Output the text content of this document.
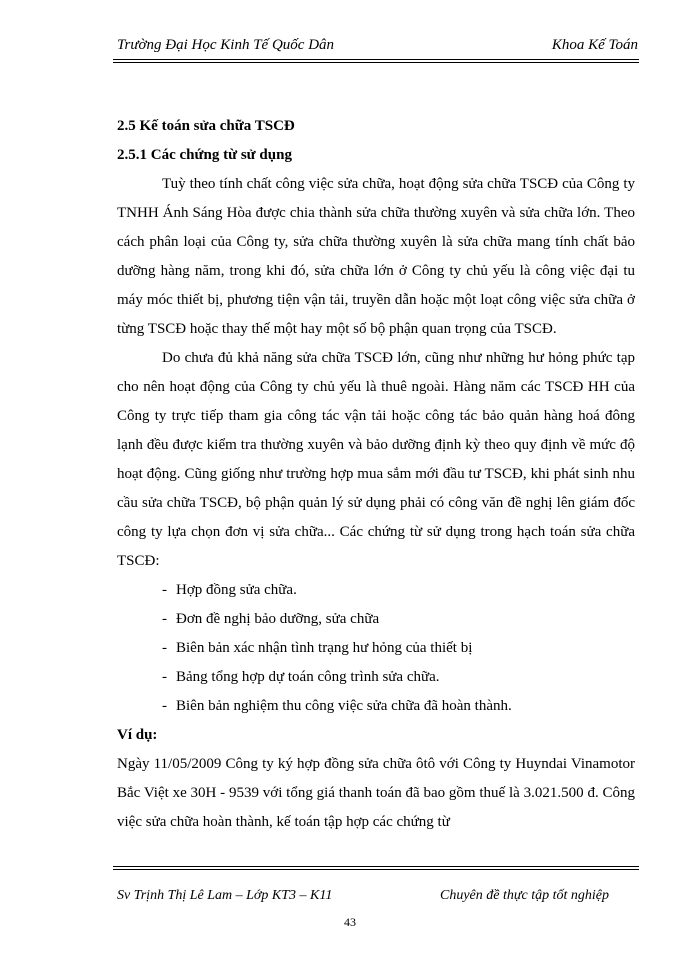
Trường Đại Học Kinh Tế Quốc Dân	Khoa Kế Toán
2.5 Kế toán sửa chữa TSCĐ
2.5.1 Các chứng từ sử dụng
Tuỳ theo tính chất công việc sửa chữa, hoạt động sửa chữa TSCĐ của Công ty TNHH Ánh Sáng Hòa được chia thành sửa chữa thường xuyên và sửa chữa lớn. Theo cách phân loại của Công ty, sửa chữa thường xuyên là sửa chữa mang tính chất bảo dưỡng hàng năm, trong khi đó, sửa chữa lớn ở Công ty chủ yếu là công việc đại tu máy móc thiết bị, phương tiện vận tải, truyền dẫn hoặc một loạt công việc sửa chữa ở từng TSCĐ hoặc thay thế một hay một số bộ phận quan trọng của TSCĐ.
Do chưa đủ khả năng sửa chữa TSCĐ lớn, cũng như những hư hỏng phức tạp cho nên hoạt động của Công ty chủ yếu là thuê ngoài. Hàng năm các TSCĐ HH của Công ty trực tiếp tham gia công tác vận tải hoặc công tác bảo quản hàng hoá đông lạnh đều được kiểm tra thường xuyên và bảo dưỡng định kỳ theo quy định về mức độ hoạt động. Cũng giống như trường hợp mua sắm mới đầu tư TSCĐ, khi phát sinh nhu cầu sửa chữa TSCĐ, bộ phận quản lý sử dụng phải có công văn đề nghị lên giám đốc công ty lựa chọn đơn vị sửa chữa... Các chứng từ sử dụng trong hạch toán sửa chữa TSCĐ:
- Hợp đồng sửa chữa.
- Đơn đề nghị bảo dưỡng, sửa chữa
- Biên bản xác nhận tình trạng hư hỏng của thiết bị
- Bảng tổng hợp dự toán công trình sửa chữa.
- Biên bản nghiệm thu công việc sửa chữa đã hoàn thành.
Ví dụ:
Ngày 11/05/2009 Công ty ký hợp đồng sửa chữa ôtô với Công ty Huyndai Vinamotor Bắc Việt xe 30H - 9539 với tổng giá thanh toán đã bao gồm thuế là 3.021.500 đ. Công việc sửa chữa hoàn thành, kế toán tập hợp các chứng từ
Sv Trịnh Thị Lê Lam – Lớp KT3 – K11	Chuyên đề thực tập tốt nghiệp
43
